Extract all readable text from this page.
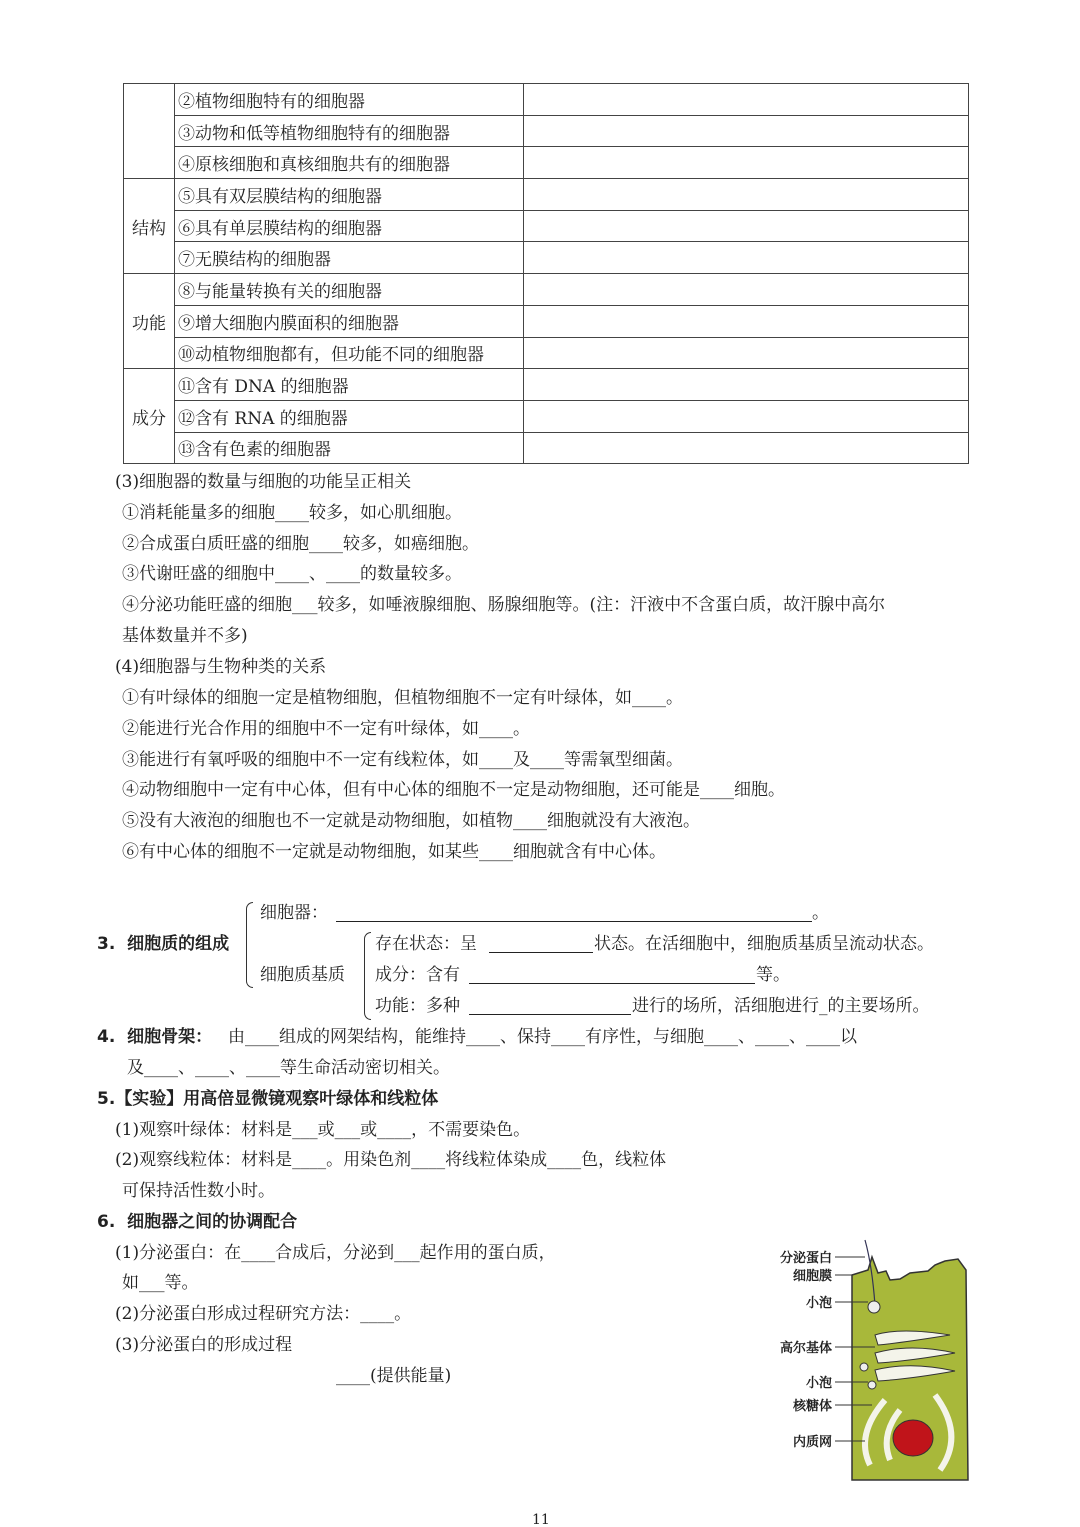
	②植物细胞特有的细胞器	
	③动物和低等植物细胞特有的细胞器	
	④原核细胞和真核细胞共有的细胞器	
结构	⑤具有双层膜结构的细胞器	
	⑥具有单层膜结构的细胞器	
	⑦无膜结构的细胞器	
功能	⑧与能量转换有关的细胞器	
	⑨增大细胞内膜面积的细胞器	
	⑩动植物细胞都有，但功能不同的细胞器	
成分	⑪含有 DNA 的细胞器	
	⑫含有 RNA 的细胞器	
	⑬含有色素的细胞器	
(3)细胞器的数量与细胞的功能呈正相关
①消耗能量多的细胞____较多，如心肌细胞。
②合成蛋白质旺盛的细胞____较多，如癌细胞。
③代谢旺盛的细胞中____、____的数量较多。
④分泌功能旺盛的细胞___较多，如唾液腺细胞、肠腺细胞等。(注：汗液中不含蛋白质，故汗腺中高尔
基体数量并不多)
(4)细胞器与生物种类的关系
①有叶绿体的细胞一定是植物细胞，但植物细胞不一定有叶绿体，如____。
②能进行光合作用的细胞中不一定有叶绿体，如____。
③能进行有氧呼吸的细胞中不一定有线粒体，如____及____等需氧型细菌。
④动物细胞中一定有中心体，但有中心体的细胞不一定是动物细胞，还可能是____细胞。
⑤没有大液泡的细胞也不一定就是动物细胞，如植物____细胞就没有大液泡。
⑥有中心体的细胞不一定就是动物细胞，如某些____细胞就含有中心体。
3.  细胞质的组成
细胞器：	。
细胞质基质
存在状态：呈	状态。在活细胞中，细胞质基质呈流动状态。
成分：含有	等。
功能：多种	进行的场所，活细胞进行_的主要场所。
4.  细胞骨架： 由____组成的网架结构，能维持____、保持____有序性，与细胞____、____、____以
及____、____、____等生命活动密切相关。
5.【实验】用高倍显微镜观察叶绿体和线粒体
(1)观察叶绿体：材料是___或___或____，不需要染色。
(2)观察线粒体：材料是____。用染色剂____将线粒体染成____色，线粒体
可保持活性数小时。
6.  细胞器之间的协调配合
(1)分泌蛋白：在____合成后，分泌到___起作用的蛋白质，
如___等。
(2)分泌蛋白形成过程研究方法：____。
(3)分泌蛋白的形成过程
____(提供能量)
分泌蛋白
细胞膜
小泡
高尔基体
小泡
核糖体
内质网
11
